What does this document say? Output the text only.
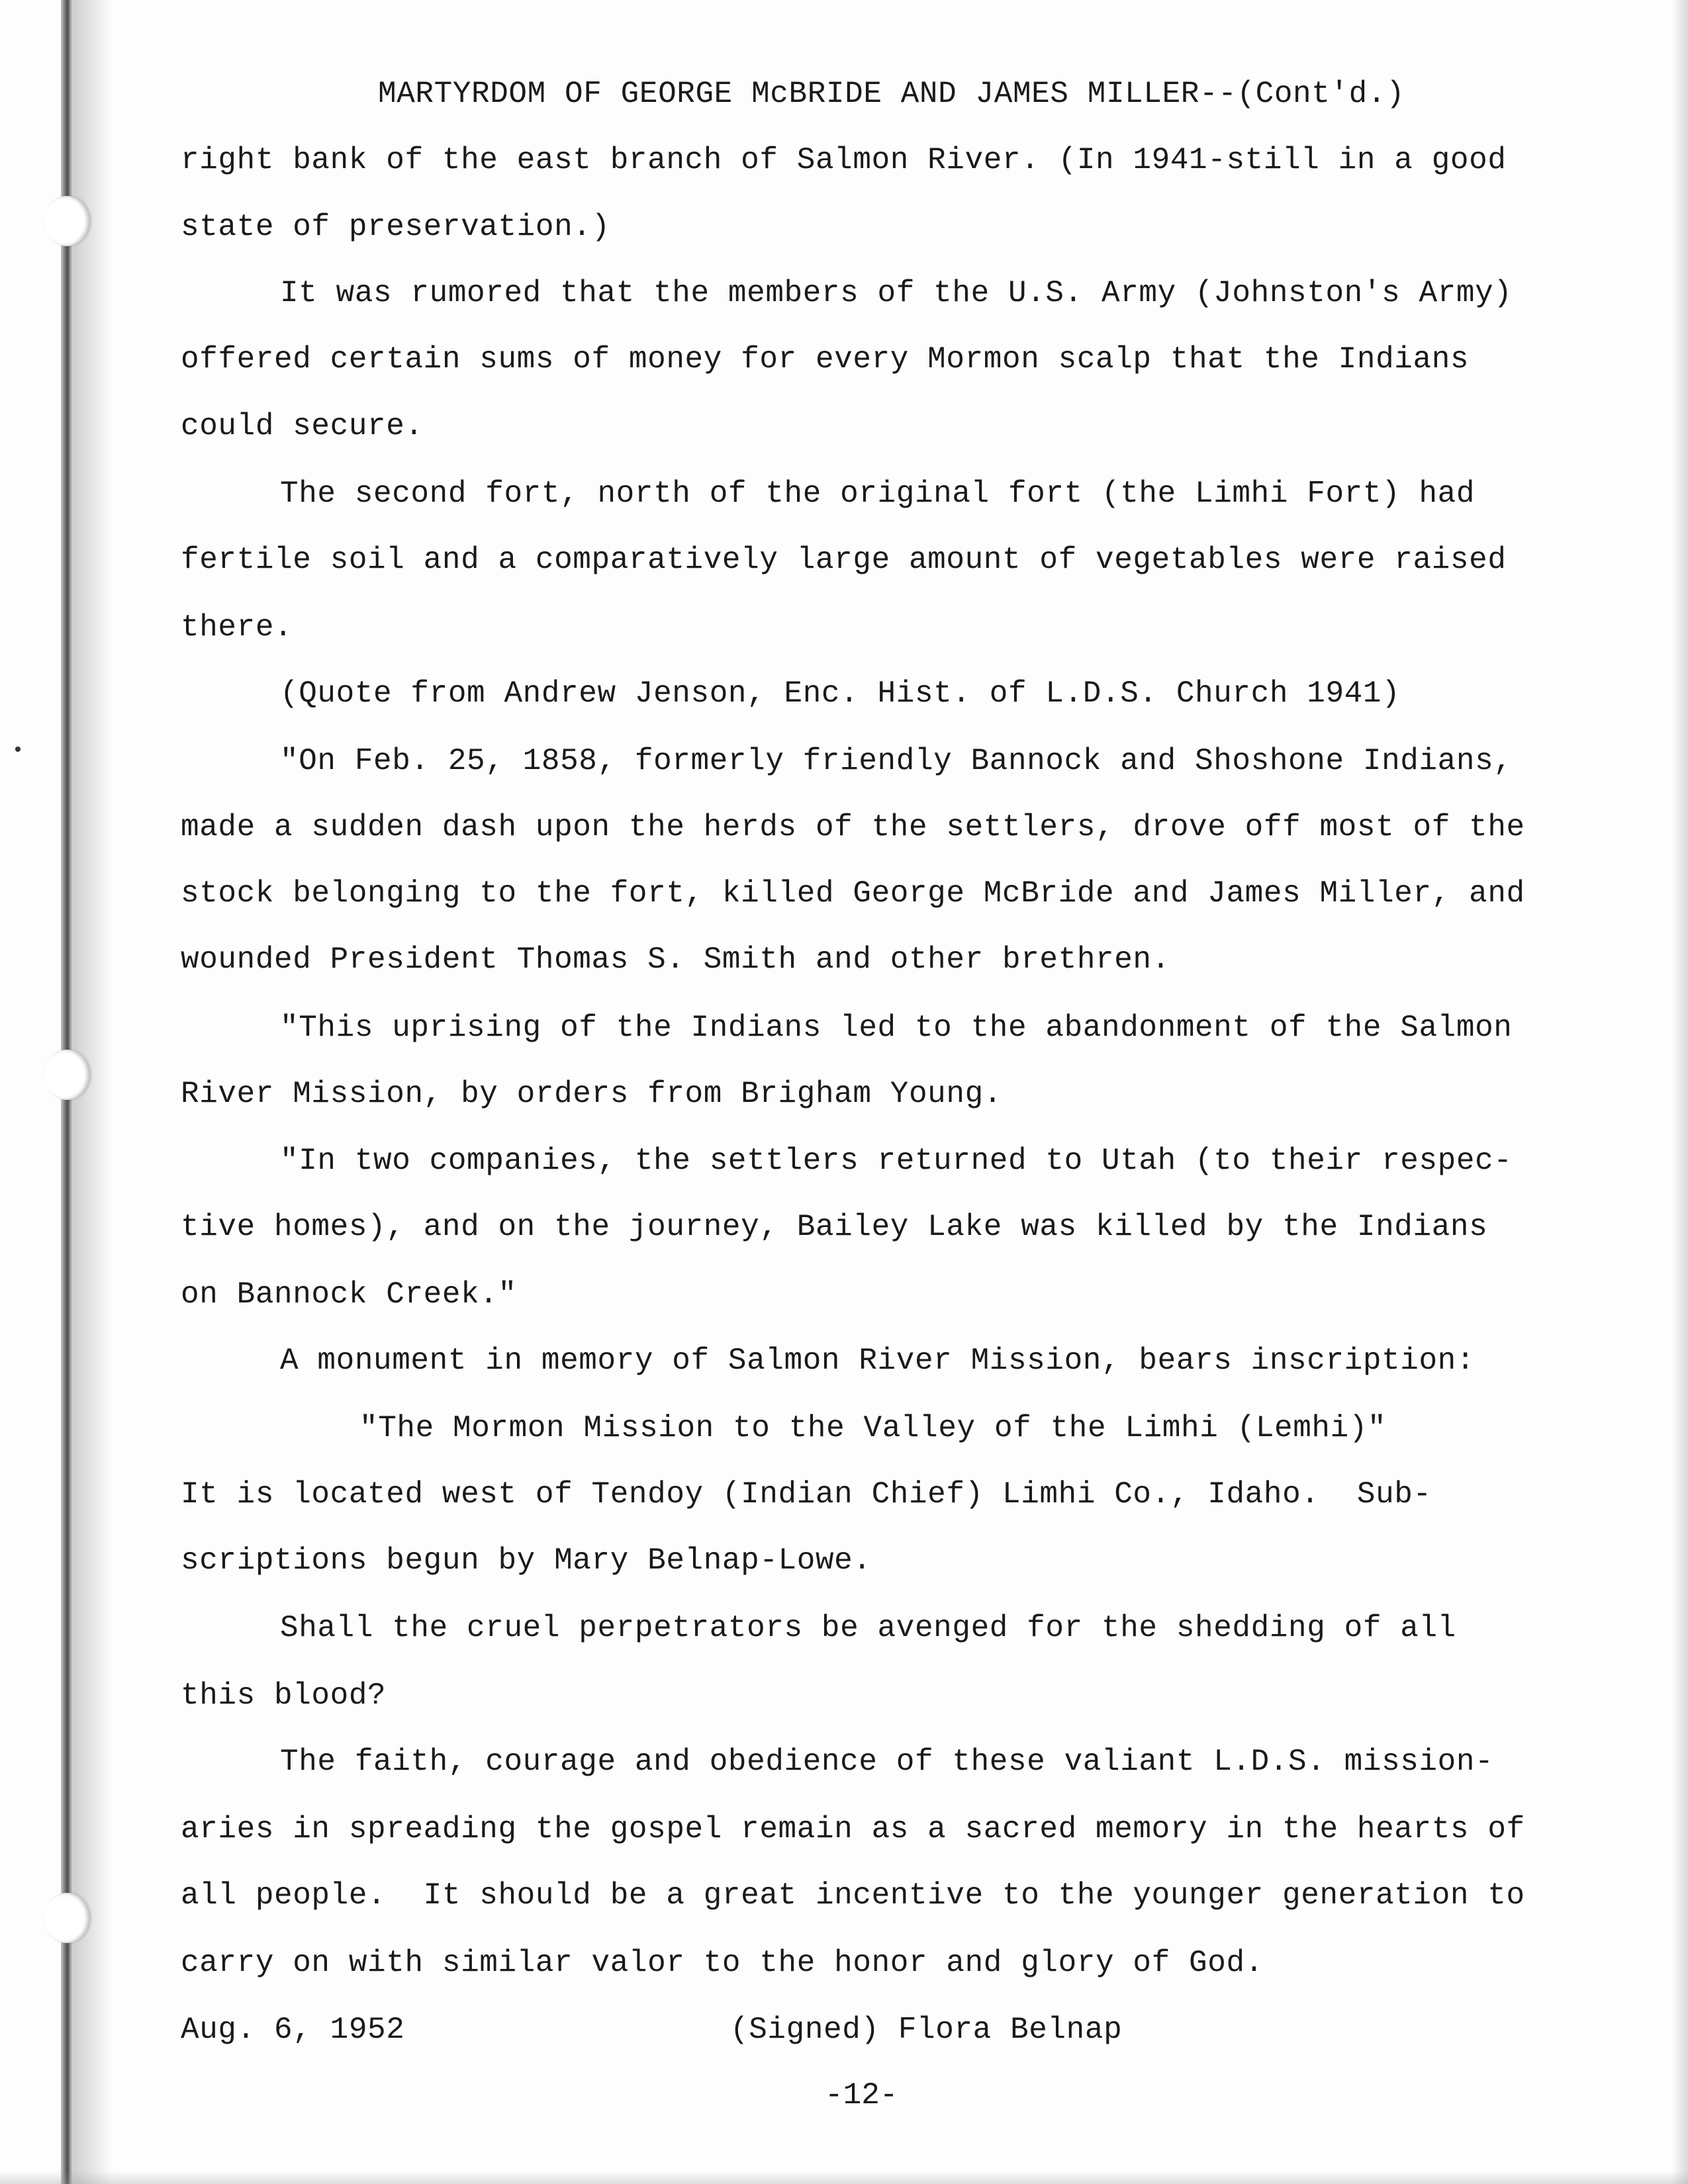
•

MARTYRDOM OF GEORGE McBRIDE AND JAMES MILLER--(Cont'd.)

right bank of the east branch of Salmon River. (In 1941-still in a good

state of preservation.)

It was rumored that the members of the U.S. Army (Johnston's Army)

offered certain sums of money for every Mormon scalp that the Indians

could secure.

The second fort, north of the original fort (the Limhi Fort) had

fertile soil and a comparatively large amount of vegetables were raised

there.

(Quote from Andrew Jenson, Enc. Hist. of L.D.S. Church 1941)

"On Feb. 25, 1858, formerly friendly Bannock and Shoshone Indians,

made a sudden dash upon the herds of the settlers, drove off most of the

stock belonging to the fort, killed George McBride and James Miller, and

wounded President Thomas S. Smith and other brethren.

"This uprising of the Indians led to the abandonment of the Salmon

River Mission, by orders from Brigham Young.

"In two companies, the settlers returned to Utah (to their respec-

tive homes), and on the journey, Bailey Lake was killed by the Indians

on Bannock Creek."

A monument in memory of Salmon River Mission, bears inscription:

"The Mormon Mission to the Valley of the Limhi (Lemhi)"

It is located west of Tendoy (Indian Chief) Limhi Co., Idaho.  Sub-

scriptions begun by Mary Belnap-Lowe.

Shall the cruel perpetrators be avenged for the shedding of all

this blood?

The faith, courage and obedience of these valiant L.D.S. mission-

aries in spreading the gospel remain as a sacred memory in the hearts of

all people.  It should be a great incentive to the younger generation to

carry on with similar valor to the honor and glory of God.

Aug. 6, 1952

	(Signed) Flora Belnap

-12-
